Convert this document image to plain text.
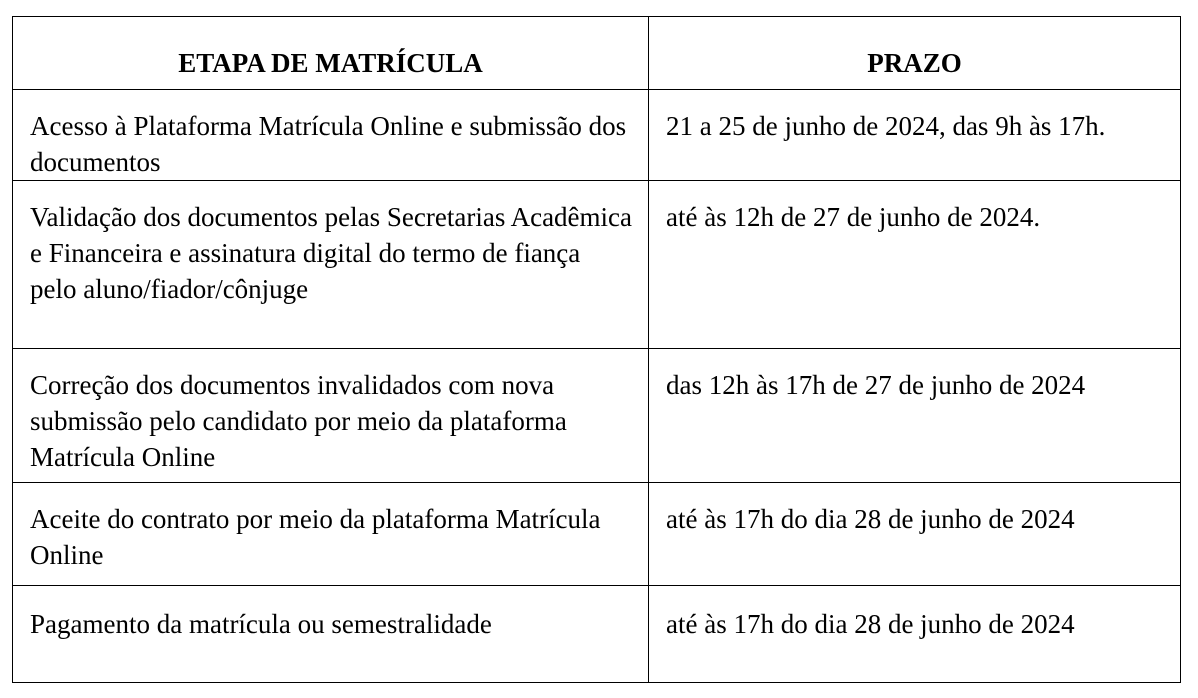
ETAPA DE MATRÍCULA	PRAZO

Acesso à Plataforma Matrícula Online e submissão dos documentos	21 a 25 de junho de 2024, das 9h às 17h.

Validação dos documentos pelas Secretarias Acadêmica e Financeira e assinatura digital do termo de fiança pelo aluno/fiador/cônjuge	até às 12h de 27 de junho de 2024.

Correção dos documentos invalidados com nova submissão pelo candidato por meio da plataforma Matrícula Online	das 12h às 17h de 27 de junho de 2024

Aceite do contrato por meio da plataforma Matrícula Online	até às 17h do dia 28 de junho de 2024

Pagamento da matrícula ou semestralidade	até às 17h do dia 28 de junho de 2024
